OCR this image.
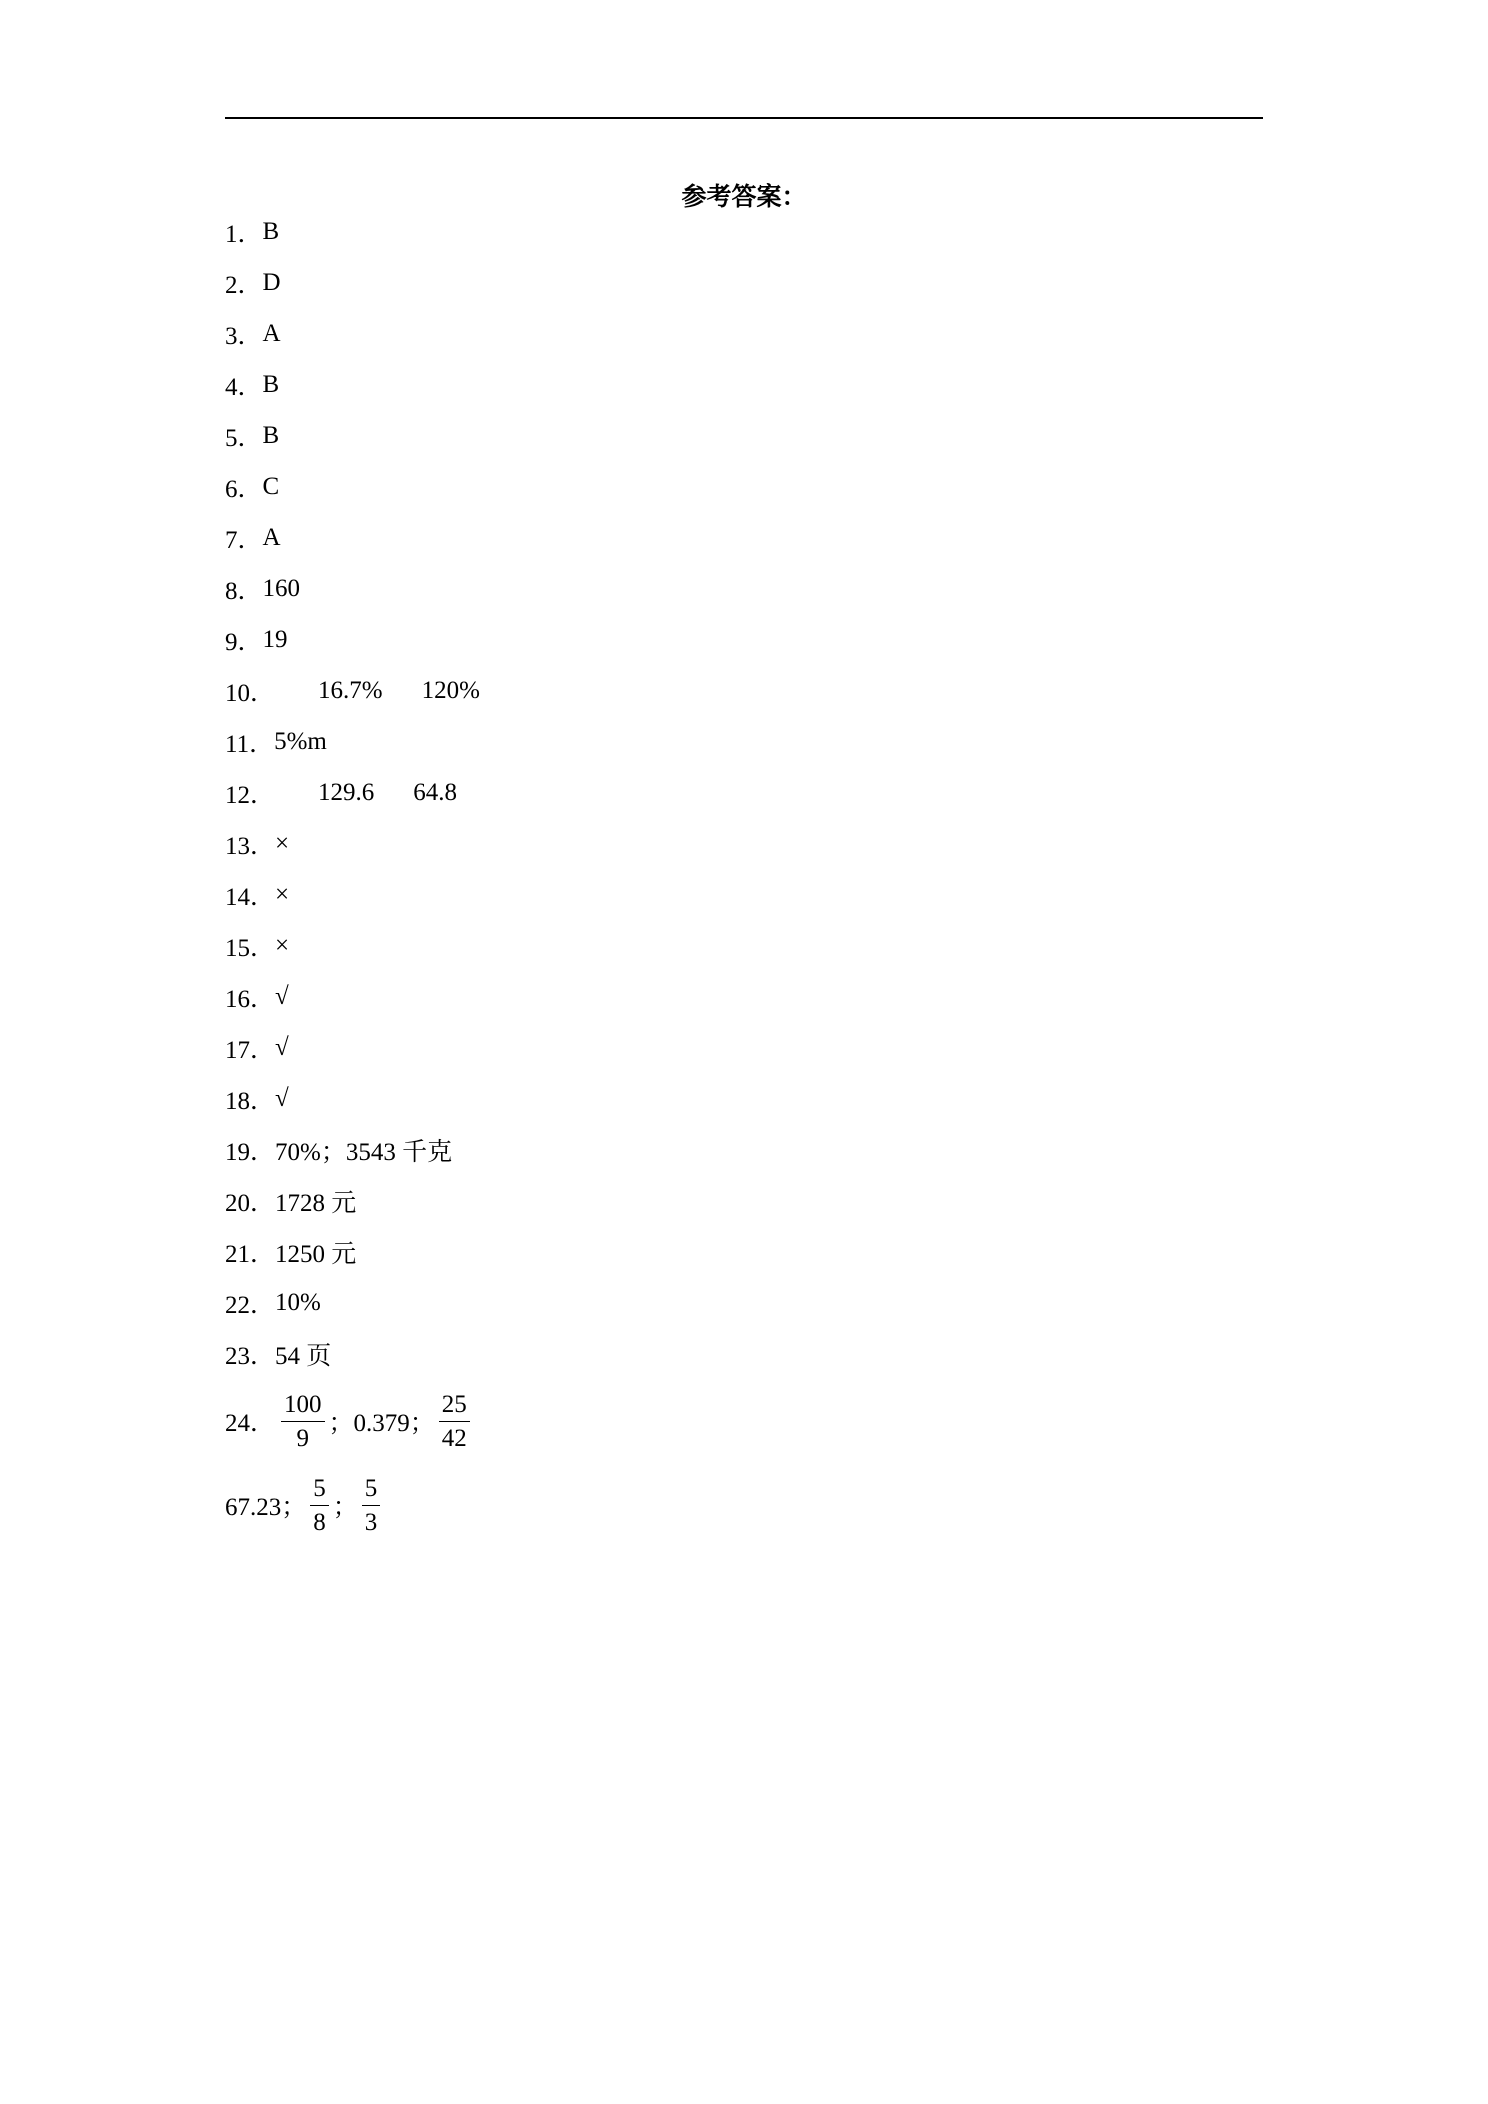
参考答案：
1． B
2． D
3． A
4． B
5． B
6． C
7． A
8． 160
9． 19
10． 16.7% 120%
11． 5%m
12． 129.6 64.8
13． ×
14． ×
15． ×
16． √
17． √
18． √
19． 70%；3543 千克
20． 1728 元
21． 1250 元
22． 10%
23． 54 页
24． $\frac{100}{9}$ ；0.379； $\frac{25}{42}$
67.23； $\frac{5}{8}$ ； $\frac{5}{3}$
